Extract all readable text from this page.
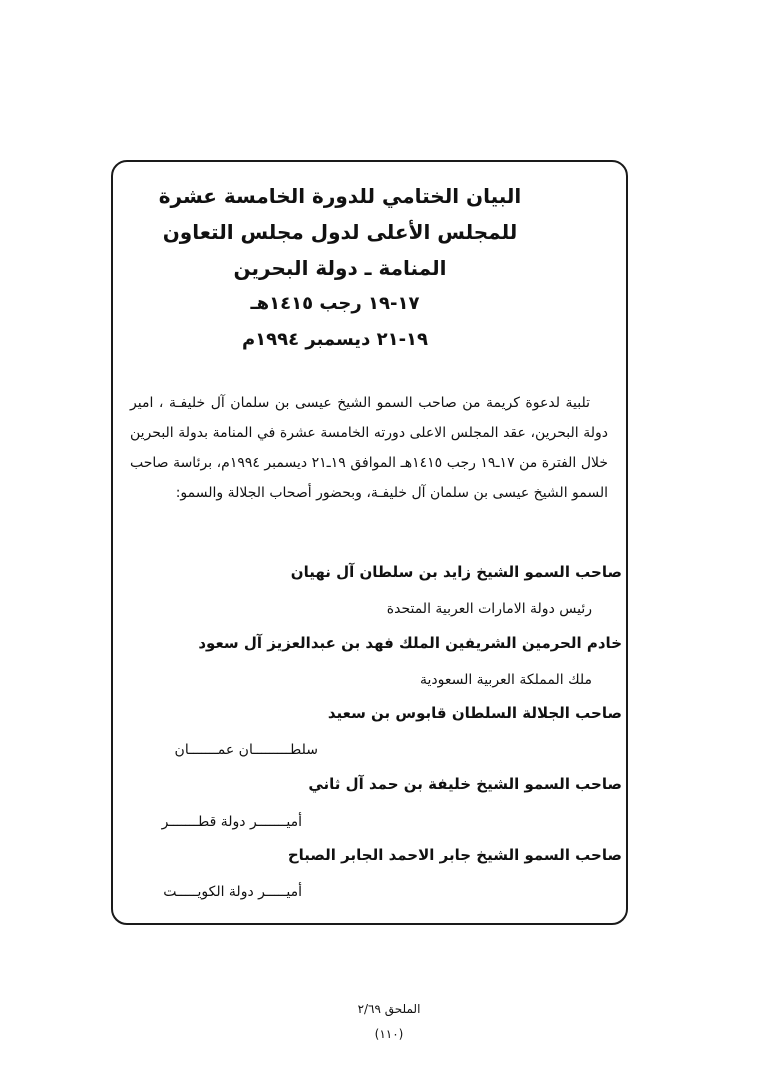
البيان الختامي للدورة الخامسة عشرة
للمجلس الأعلى لدول مجلس التعاون
المنامة ـ دولة البحرين
١٧-١٩ رجب ١٤١٥هـ
١٩-٢١ ديسمبر ١٩٩٤م

تلبية لدعوة كريمة من صاحب السمو الشيخ عيسى بن سلمان آل خليفـة ، امير دولة البحرين، عقد المجلس الاعلى دورته الخامسة عشرة في المنامة بدولة البحرين خلال الفترة من ١٧ـ١٩ رجب ١٤١٥هـ الموافق ١٩ـ٢١ ديسمبر ١٩٩٤م، برئاسة صاحب السمو الشيخ عيسى بن سلمان آل خليفـة، وبحضور أصحاب الجلالة والسمو:

صاحب السمو الشيخ زايد بن سلطان آل نهيان
رئيس دولة الامارات العربية المتحدة
خادم الحرمين الشريفين الملك فهد بن عبدالعزيز آل سعود
ملك المملكة العربية السعودية
صاحب الجلالة السلطان قابوس بن سعيد
سلطـــــــــان عمـــــــان
صاحب السمو الشيخ خليفة بن حمد آل ثاني
أميـــــــر دولة قطـــــــر
صاحب السمو الشيخ جابر الاحمد الجابر الصباح
أميـــــر دولة الكويـــــت
الملحق ٢/٦٩
(١١٠)
